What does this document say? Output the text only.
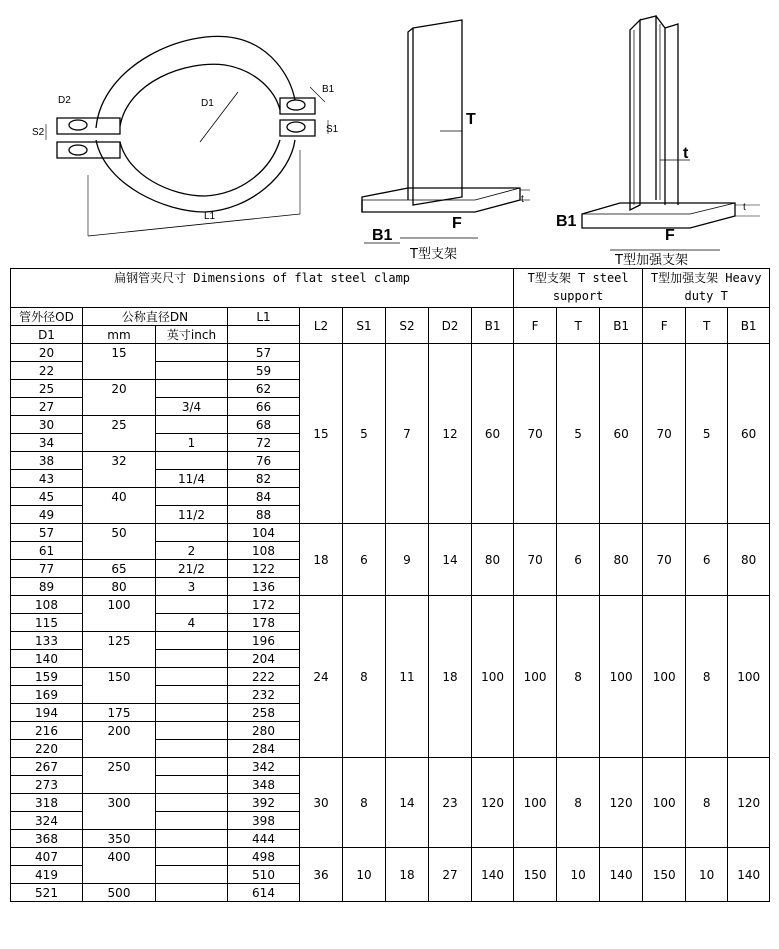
D2	D1
B1
S2	S1
L1
T
F
B1
t
T型支架
t
F
B1
t
T型加强支架
扁钢管夹尺寸 Dimensions of flat steel clamp									T型支架 T steel support			T型加强支架 Heavy duty T		
管外径OD	公称直径DN		L1	L2	S1	S2	D2	B1	F	T	B1	F	T	B1
D1	mm	英寸inch												
20	15		57	15	5	7	12	60	70	5	60	70	5	60
22			59											
25	20		62											
27		3/4	66											
30	25		68											
34		1	72											
38	32		76											
43		11/4	82											
45	40		84											
49		11/2	88											
57	50		104	18	6	9	14	80	70	6	80	70	6	80
61		2	108											
77	65	21/2	122											
89	80	3	136											
108	100		172	24	8	11	18	100	100	8	100	100	8	100
115		4	178											
133	125		196											
140			204											
159	150		222											
169			232											
194	175		258											
216	200		280											
220			284											
267	250		342	30	8	14	23	120	100	8	120	100	8	120
273			348											
318	300		392											
324			398											
368	350		444											
407	400		498	36	10	18	27	140	150	10	140	150	10	140
419			510											
521	500		614											
